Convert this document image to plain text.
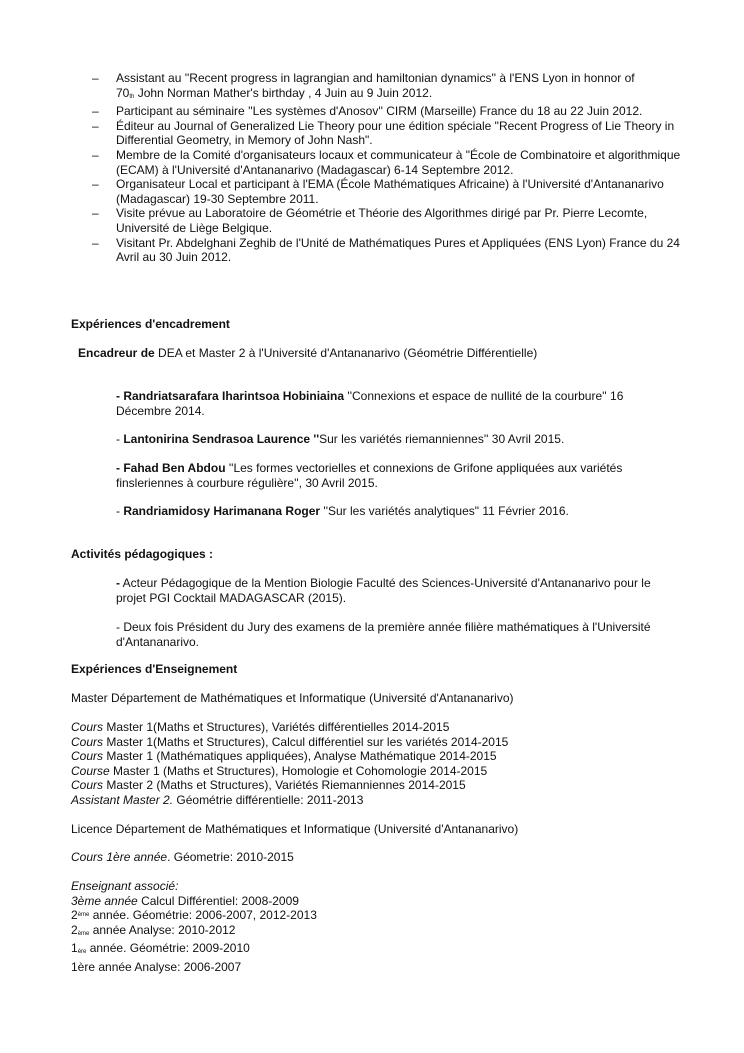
– Assistant au ''Recent progress in lagrangian and hamiltonian dynamics'' à l'ENS Lyon in honnor of
70th John Norman Mather's birthday , 4 Juin au 9 Juin 2012.
– Participant au séminaire ''Les systèmes d'Anosov'' CIRM (Marseille) France du 18 au 22 Juin 2012.
– Éditeur au Journal of Generalized Lie Theory pour une édition spéciale "Recent Progress of Lie Theory in Differential Geometry, in Memory of John Nash".
– Membre de la Comité d'organisateurs locaux et communicateur à "École de Combinatoire et algorithmique (ECAM) à l'Université d'Antananarivo (Madagascar) 6-14 Septembre 2012.
– Organisateur Local et participant à l'EMA (École Mathématiques Africaine) à l'Université d'Antananarivo (Madagascar) 19-30 Septembre 2011.
– Visite prévue au Laboratoire de Géométrie et Théorie des Algorithmes dirigé par Pr. Pierre Lecomte, Université de Liège Belgique.
– Visitant Pr. Abdelghani Zeghib de l'Unité de Mathématiques Pures et Appliquées (ENS Lyon) France du 24 Avril au 30 Juin 2012.
Expériences d'encadrement
Encadreur de DEA et Master 2 à l'Université d'Antananarivo (Géométrie Différentielle)
- Randriatsarafara Iharintsoa Hobiniaina ''Connexions et espace de nullité de la courbure'' 16 Décembre 2014.
- Lantonirina Sendrasoa Laurence ''Sur les variétés riemanniennes'' 30 Avril 2015.
- Fahad Ben Abdou ''Les formes vectorielles et connexions de Grifone appliquées aux variétés finsleriennes à courbure régulière'', 30 Avril 2015.
- Randriamidosy Harimanana Roger ''Sur les variétés analytiques" 11 Février 2016.
Activités pédagogiques :
- Acteur Pédagogique de la Mention Biologie Faculté des Sciences-Université d'Antananarivo pour le projet PGI Cocktail MADAGASCAR (2015).
- Deux fois Président du Jury des examens de la première année filière mathématiques à l'Université d'Antananarivo.
Expériences d'Enseignement
Master Département de Mathématiques et Informatique (Université d'Antananarivo)
Cours Master 1(Maths et Structures), Variétés différentielles 2014-2015
Cours Master 1(Maths et Structures), Calcul différentiel sur les variétés 2014-2015
Cours Master 1 (Mathématiques appliquées), Analyse Mathématique 2014-2015
Course Master 1 (Maths et Structures), Homologie et Cohomologie 2014-2015
Cours Master 2 (Maths et Structures), Variétés Riemanniennes 2014-2015
Assistant Master 2. Géométrie différentielle: 2011-2013
Licence Département de Mathématiques et Informatique (Université d'Antananarivo)
Cours 1ère année. Géometrie: 2010-2015
Enseignant associé:
3ème année Calcul Différentiel: 2008-2009
2ème année. Géométrie: 2006-2007, 2012-2013
2ème année Analyse: 2010-2012
1ère année. Géométrie: 2009-2010
1ère année Analyse: 2006-2007
